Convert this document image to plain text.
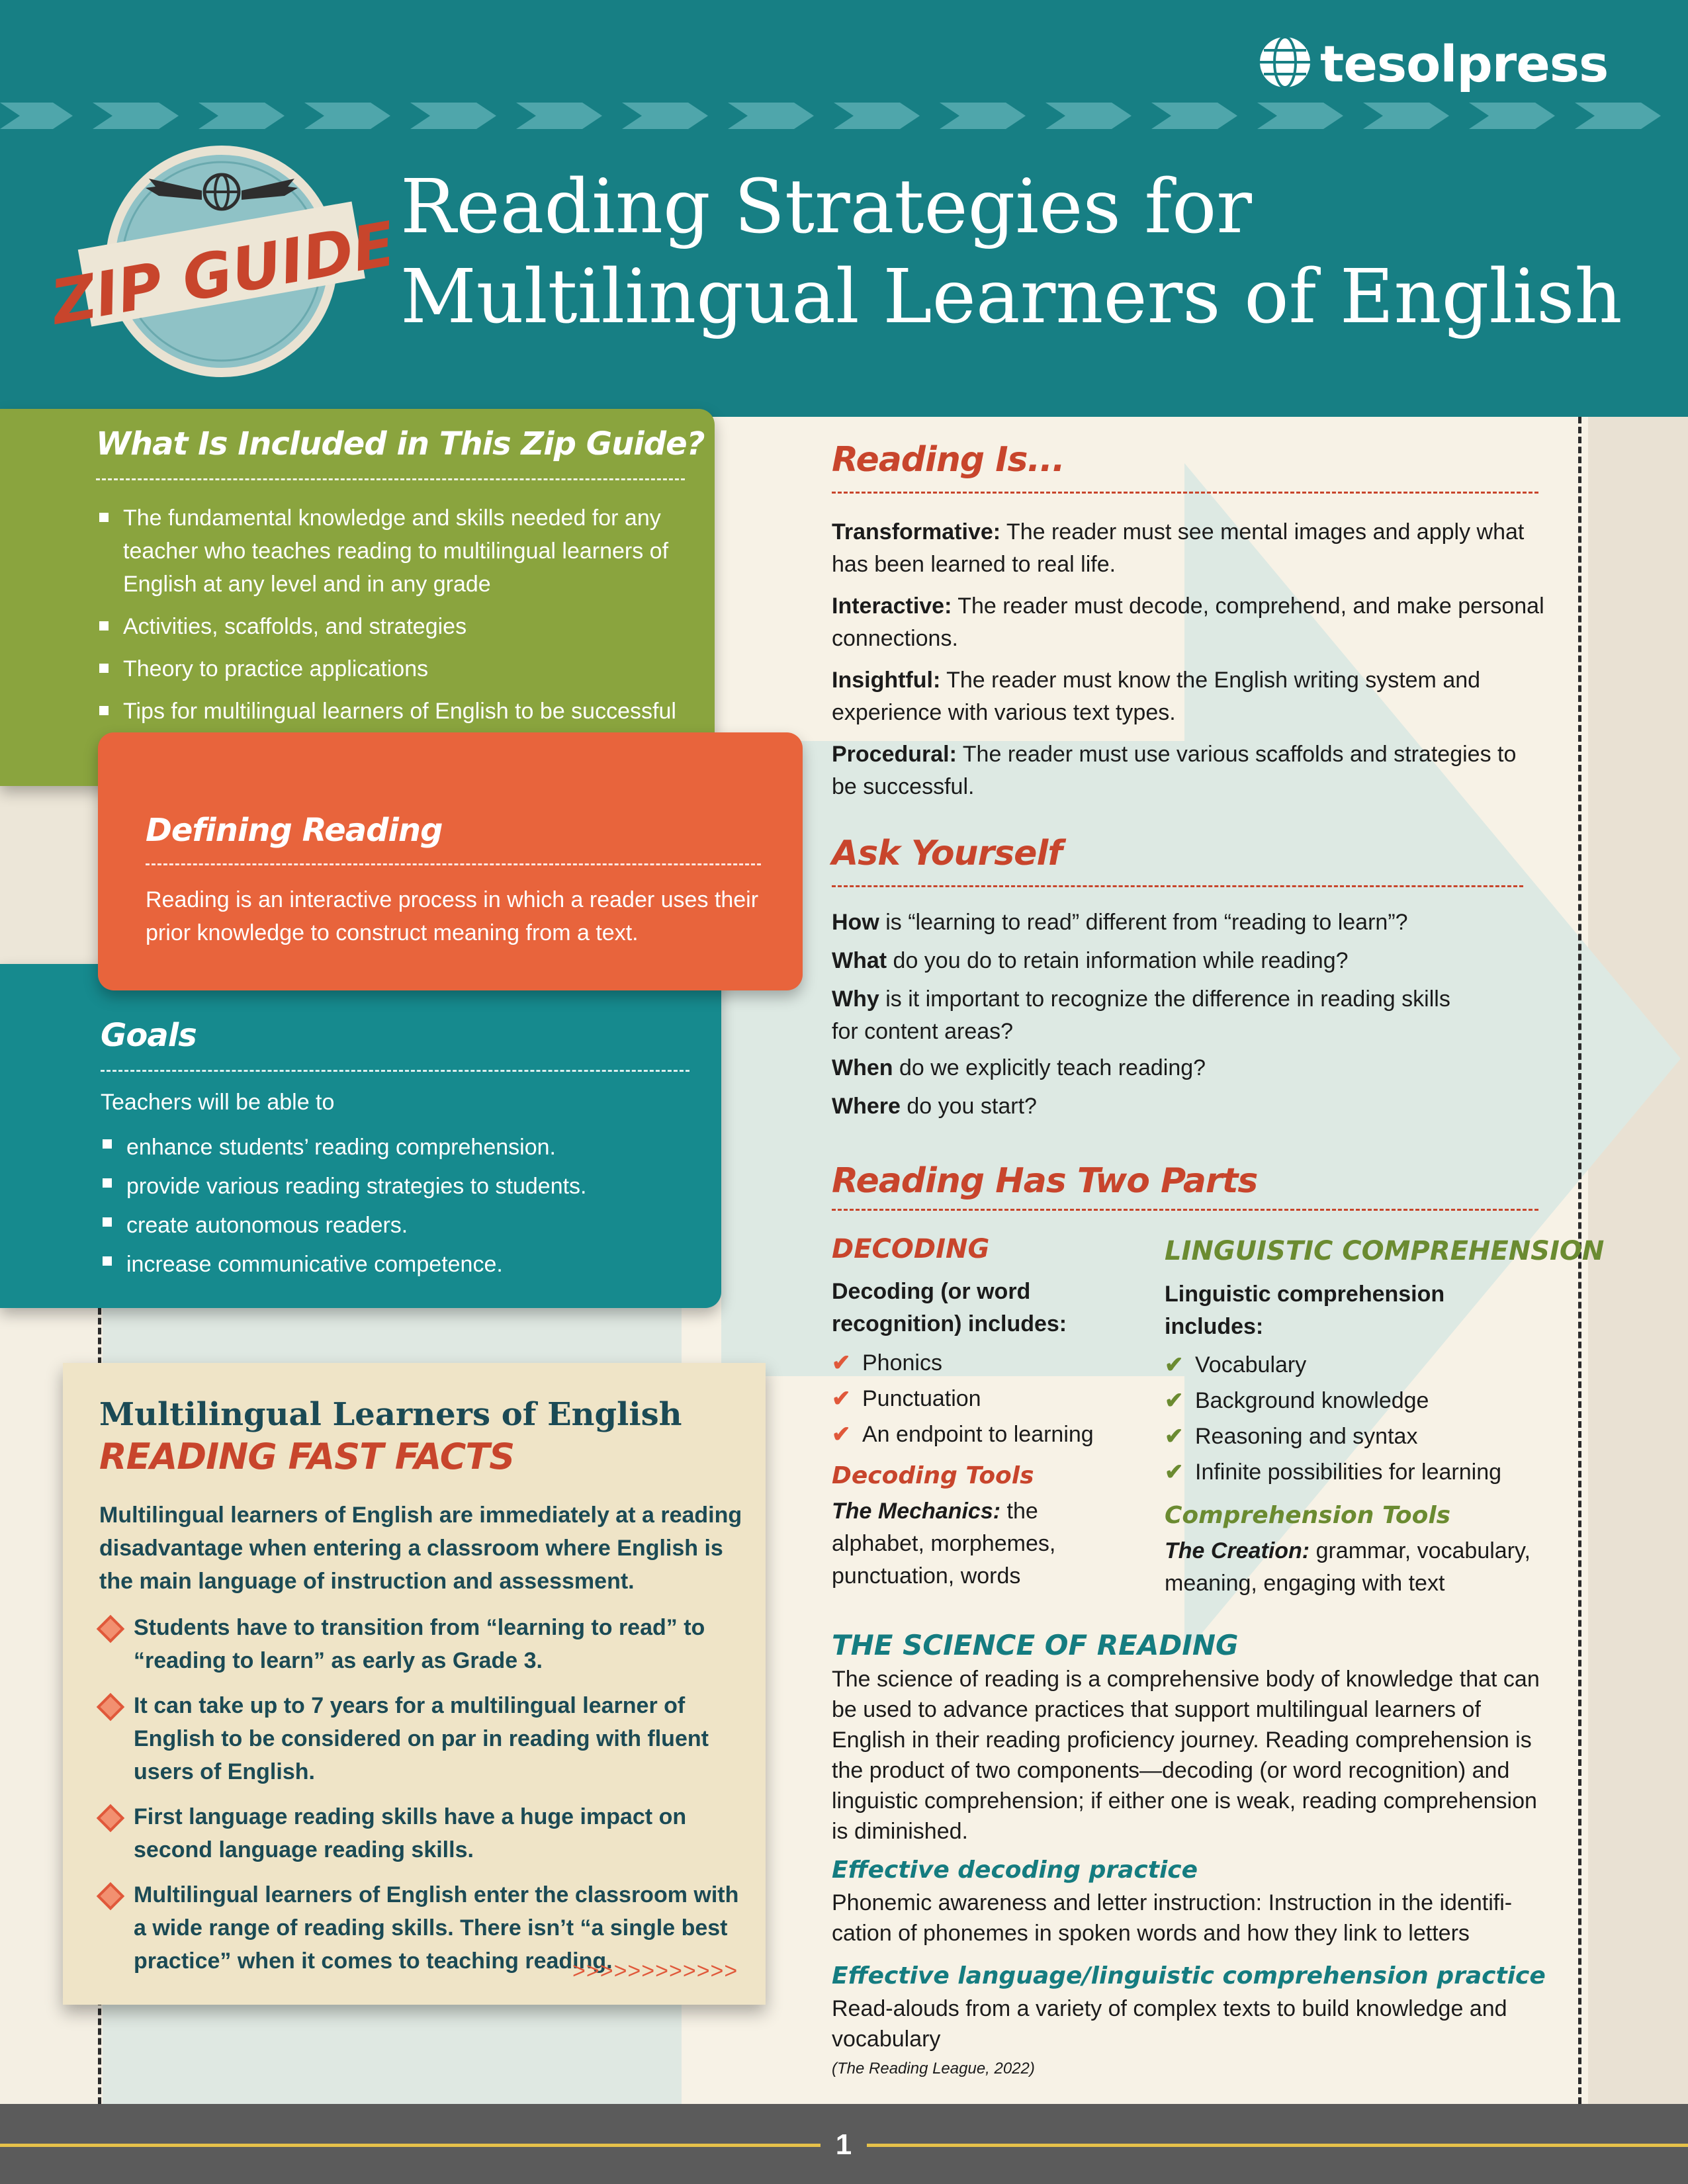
tesolpress
ZIP GUIDE
Reading Strategies for
Multilingual Learners of English
What Is Included in This Zip Guide?
The fundamental knowledge and skills needed for any teacher who teaches reading to multilingual learners of English at any level and in any grade
Activities, scaffolds, and strategies
Theory to practice applications
Tips for multilingual learners of English to be successful
Goals
Teachers will be able to
enhance students’ reading comprehension.
provide various reading strategies to students.
create autonomous readers.
increase communicative competence.
Defining Reading
Reading is an interactive process in which a reader uses their prior knowledge to construct meaning from a text.
Multilingual Learners of English
READING FAST FACTS
Multilingual learners of English are immediately at a reading disadvantage when entering a classroom where English is the main language of instruction and assessment.
Students have to transition from “learning to read” to “reading to learn” as early as Grade 3.
It can take up to 7 years for a multilingual learner of English to be considered on par in reading with fluent users of English.
First language reading skills have a huge impact on second language reading skills.
Multilingual learners of English enter the classroom with a wide range of reading skills. There isn’t “a single best practice” when it comes to teaching reading.
>>>>>>>>>>>>
Reading Is...
Transformative: The reader must see mental images and apply what has been learned to real life.
Interactive: The reader must decode, comprehend, and make personal connections.
Insightful: The reader must know the English writing system and experience with various text types.
Procedural: The reader must use various scaffolds and strategies to be successful.
Ask Yourself
How is “learning to read” different from “reading to learn”?
What do you do to retain information while reading?
Why is it important to recognize the difference in reading skills for content areas?
When do we explicitly teach reading?
Where do you start?
Reading Has Two Parts
DECODING
Decoding (or word recognition) includes:
✔ Phonics
✔ Punctuation
✔ An endpoint to learning
Decoding Tools
The Mechanics: the alphabet, morphemes, punctuation, words
LINGUISTIC COMPREHENSION
Linguistic comprehension includes:
✔ Vocabulary
✔ Background knowledge
✔ Reasoning and syntax
✔ Infinite possibilities for learning
Comprehension Tools
The Creation: grammar, vocabulary, meaning, engaging with text
THE SCIENCE OF READING
The science of reading is a comprehensive body of knowledge that can be used to advance practices that support multilingual learners of English in their reading proficiency journey. Reading comprehension is the product of two components—decoding (or word recognition) and linguistic comprehension; if either one is weak, reading comprehension is diminished.
Effective decoding practice
Phonemic awareness and letter instruction: Instruction in the identification of phonemes in spoken words and how they link to letters
Effective language/linguistic comprehension practice
Read-alouds from a variety of complex texts to build knowledge and vocabulary
(The Reading League, 2022)
1
